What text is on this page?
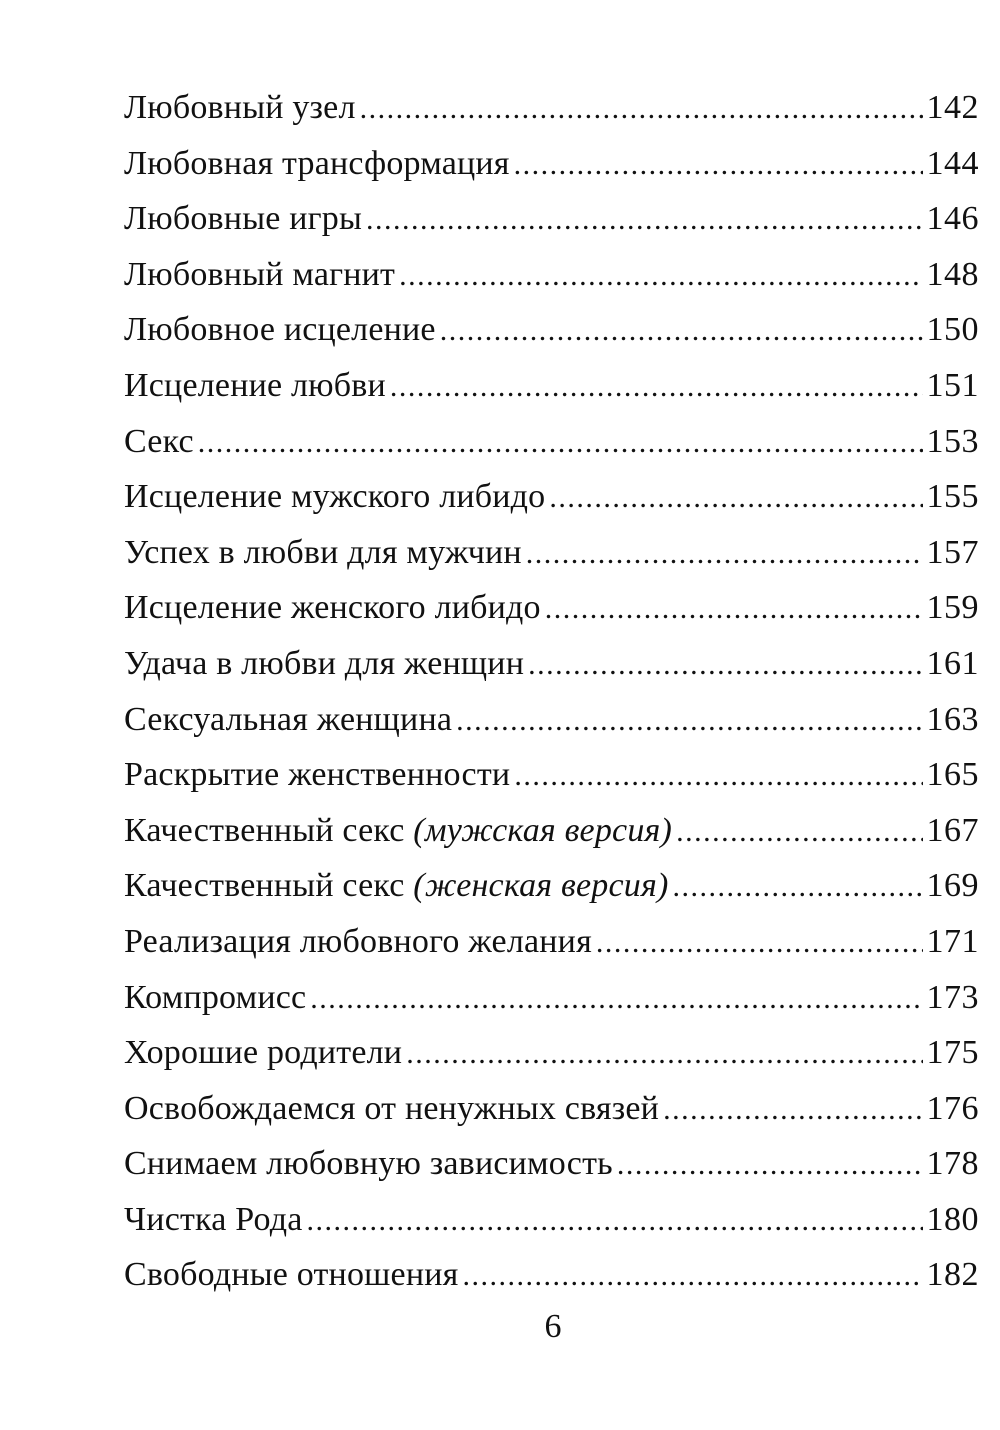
Любовный узел .....	142
Любовная трансформация .....	144
Любовные игры .....	146
Любовный магнит .....	148
Любовное исцеление .....	150
Исцеление любви .....	151
Секс .....	153
Исцеление мужского либидо .....	155
Успех в любви для мужчин .....	157
Исцеление женского либидо .....	159
Удача в любви для женщин .....	161
Сексуальная женщина .....	163
Раскрытие женственности .....	165
Качественный секс (мужская версия) .....	167
Качественный секс (женская версия) .....	169
Реализация любовного желания .....	171
Компромисс .....	173
Хорошие родители .....	175
Освобождаемся от ненужных связей .....	176
Снимаем любовную зависимость .....	178
Чистка Рода .....	180
Свободные отношения .....	182
6
